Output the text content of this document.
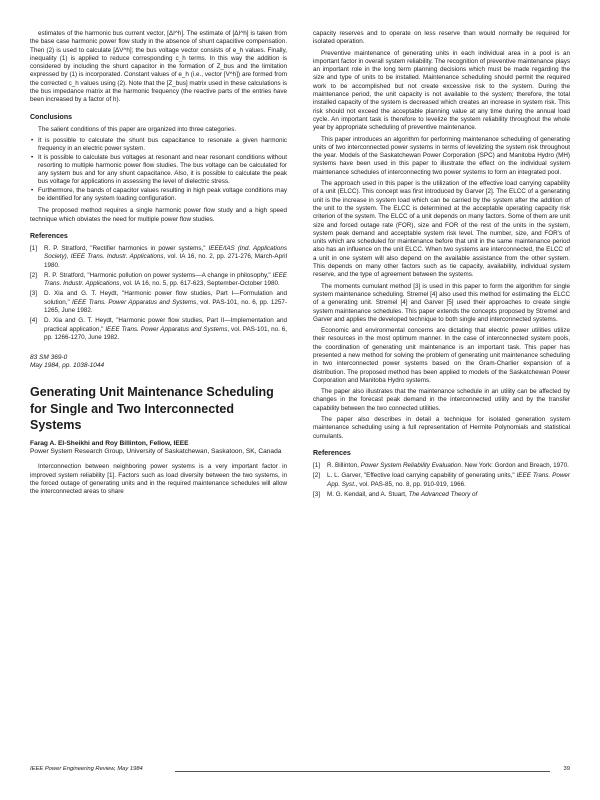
estimates of the harmonic bus current vector, [ΔI^h]. The estimate of [ΔI^h] is taken from the base case harmonic power flow study in the absence of shunt capacitive compensation. Then (2) is used to calculate [ΔV^h]; the bus voltage vector consists of e_h values. Finally, inequality (1) is applied to reduce corresponding c_h terms. In this way the addition is considered by including the shunt capacitor in the formation of Z_bus and the limitation expressed by (1) is incorporated. Constant values of e_h (i.e., vector [V^h]) are formed from the corrected c_h values using (2). Note that the [Z_bus] matrix used in these calculations is the bus impedance matrix at the harmonic frequency (the reactive parts of the entries have been increased by a factor of h).

Conclusions

The salient conditions of this paper are organized into three categories.

• It is possible to calculate the shunt bus capacitance to resonate a given harmonic frequency in an electric power system.
• It is possible to calculate bus voltages at resonant and near resonant conditions without resorting to multiple harmonic power flow studies. The bus voltage can be calculated for any system bus and for any shunt capacitance. Also, it is possible to calculate the peak bus voltage for applications in assessing the level of dielectric stress.
• Furthermore, the bands of capacitor values resulting in high peak voltage conditions may be identified for any system loading configuration.

The proposed method requires a single harmonic power flow study and a high speed technique which obviates the need for multiple power flow studies.

References
[1] R. P. Stratford, "Rectifier harmonics in power systems," IEEE/IAS (Ind. Applications Society), IEEE Trans. Industr. Applications, vol. IA 16, no. 2, pp. 271-276, March-April 1980.
[2] R. P. Stratford, "Harmonic pollution on power systems—A change in philosophy," IEEE Trans. Industr. Applications, vol. IA 16, no. 5, pp. 617-623, September-October 1980.
[3] D. Xia and G. T. Heydt, "Harmonic power flow studies, Part I—Formulation and solution," IEEE Trans. Power Apparatus and Systems, vol. PAS-101, no. 6, pp. 1257-1265, June 1982.
[4] D. Xia and G. T. Heydt, "Harmonic power flow studies, Part II—Implementation and practical application," IEEE Trans. Power Apparatus and Systems, vol. PAS-101, no. 6, pp. 1266-1270, June 1982.
83 SM 369-0
May 1984, pp. 1038-1044
Generating Unit Maintenance Scheduling for Single and Two Interconnected Systems

Farag A. El-Sheikhi and Roy Billinton, Fellow, IEEE

Power System Research Group, University of Saskatchewan, Saskatoon, SK, Canada

Interconnection between neighboring power systems is a very important factor in improved system reliability [1]. Factors such as load diversity between the two systems, in the forced outage of generating units and in the required maintenance schedules will allow the interconnected areas to share

capacity reserves and to operate on less reserve than would normally be required for isolated operation.

Preventive maintenance of generating units in each individual area in a pool is an important factor in overall system reliability. The recognition of preventive maintenance plays an important role in the long term planning decisions which must be made regarding the size and type of units to be installed. Maintenance scheduling should permit the required work to be accomplished but not create excessive risk to the system. During the maintenance period, the unit capacity is not available to the system; therefore, the total installed capacity of the system is decreased which creates an increase in system risk. This risk should not exceed the acceptable planning value at any time during the annual load cycle. An important task is therefore to levelize the system reliability throughout the whole year by appropriate scheduling of preventive maintenance.

This paper introduces an algorithm for performing maintenance scheduling of generating units of two interconnected power systems in terms of levelizing the system risk throughout the year. Models of the Saskatchewan Power Corporation (SPC) and Manitoba Hydro (MH) systems have been used in this paper to illustrate the effect on the individual system maintenance schedules of interconnecting two power systems to form an integrated pool.

The approach used in this paper is the utilization of the effective load carrying capability of a unit (ELCC). This concept was first introduced by Garver [2]. The ELCC of a generating unit is the increase in system load which can be carried by the system after the addition of the unit to the system. The ELCC is determined at the acceptable operating capacity risk criterion of the system. The ELCC of a unit depends on many factors. Some of them are unit size and forced outage rate (FOR), size and FOR of the rest of the units in the system, system peak demand and acceptable system risk level. The number, size, and FOR's of units which are scheduled for maintenance before that unit in the same maintenance period also has an influence on the unit ELCC. When two systems are interconnected, the ELCC of a unit in one system will also depend on the available assistance from the other system. This depends on many other factors such as tie capacity, availability, individual system reserve, and the type of agreement between the systems.

The moments cumulant method [3] is used in this paper to form the algorithm for single system maintenance scheduling. Stremel [4] also used this method for estimating the ELCC of a generating unit. Stremel [4] and Garver [5] used their approaches to create single system maintenance schedules. This paper extends the concepts proposed by Stremel and Garver and applies the developed technique to both single and interconnected systems.

Economic and environmental concerns are dictating that electric power utilities utilize their resources in the most optimum manner. In the case of interconnected system pools, the coordination of generating unit maintenance is an important task. This paper has presented a new method for solving the problem of generating unit maintenance scheduling in two interconnected power systems based on the Gram-Charlier expansion of a distribution. The proposed method has been applied to models of the Saskatchewan Power Corporation and Manitoba Hydro systems.

The paper also illustrates that the maintenance schedule in an utility can be affected by changes in the forecast peak demand in the interconnected utility and by the transfer capability between the two connected utilities.

The paper also describes in detail a technique for isolated generation system maintenance scheduling using a full representation of Hermite Polynomials and statistical cumulants.

References
[1] R. Billinton, Power System Reliability Evaluation. New York: Gordon and Breach, 1970.
[2] L. L. Garver, "Effective load carrying capability of generating units," IEEE Trans. Power App. Syst., vol. PAS-85, no. 8, pp. 910-919, 1966.
[3] M. G. Kendall, and A. Stuart, The Advanced Theory of
IEEE Power Engineering Review, May 1984	39
